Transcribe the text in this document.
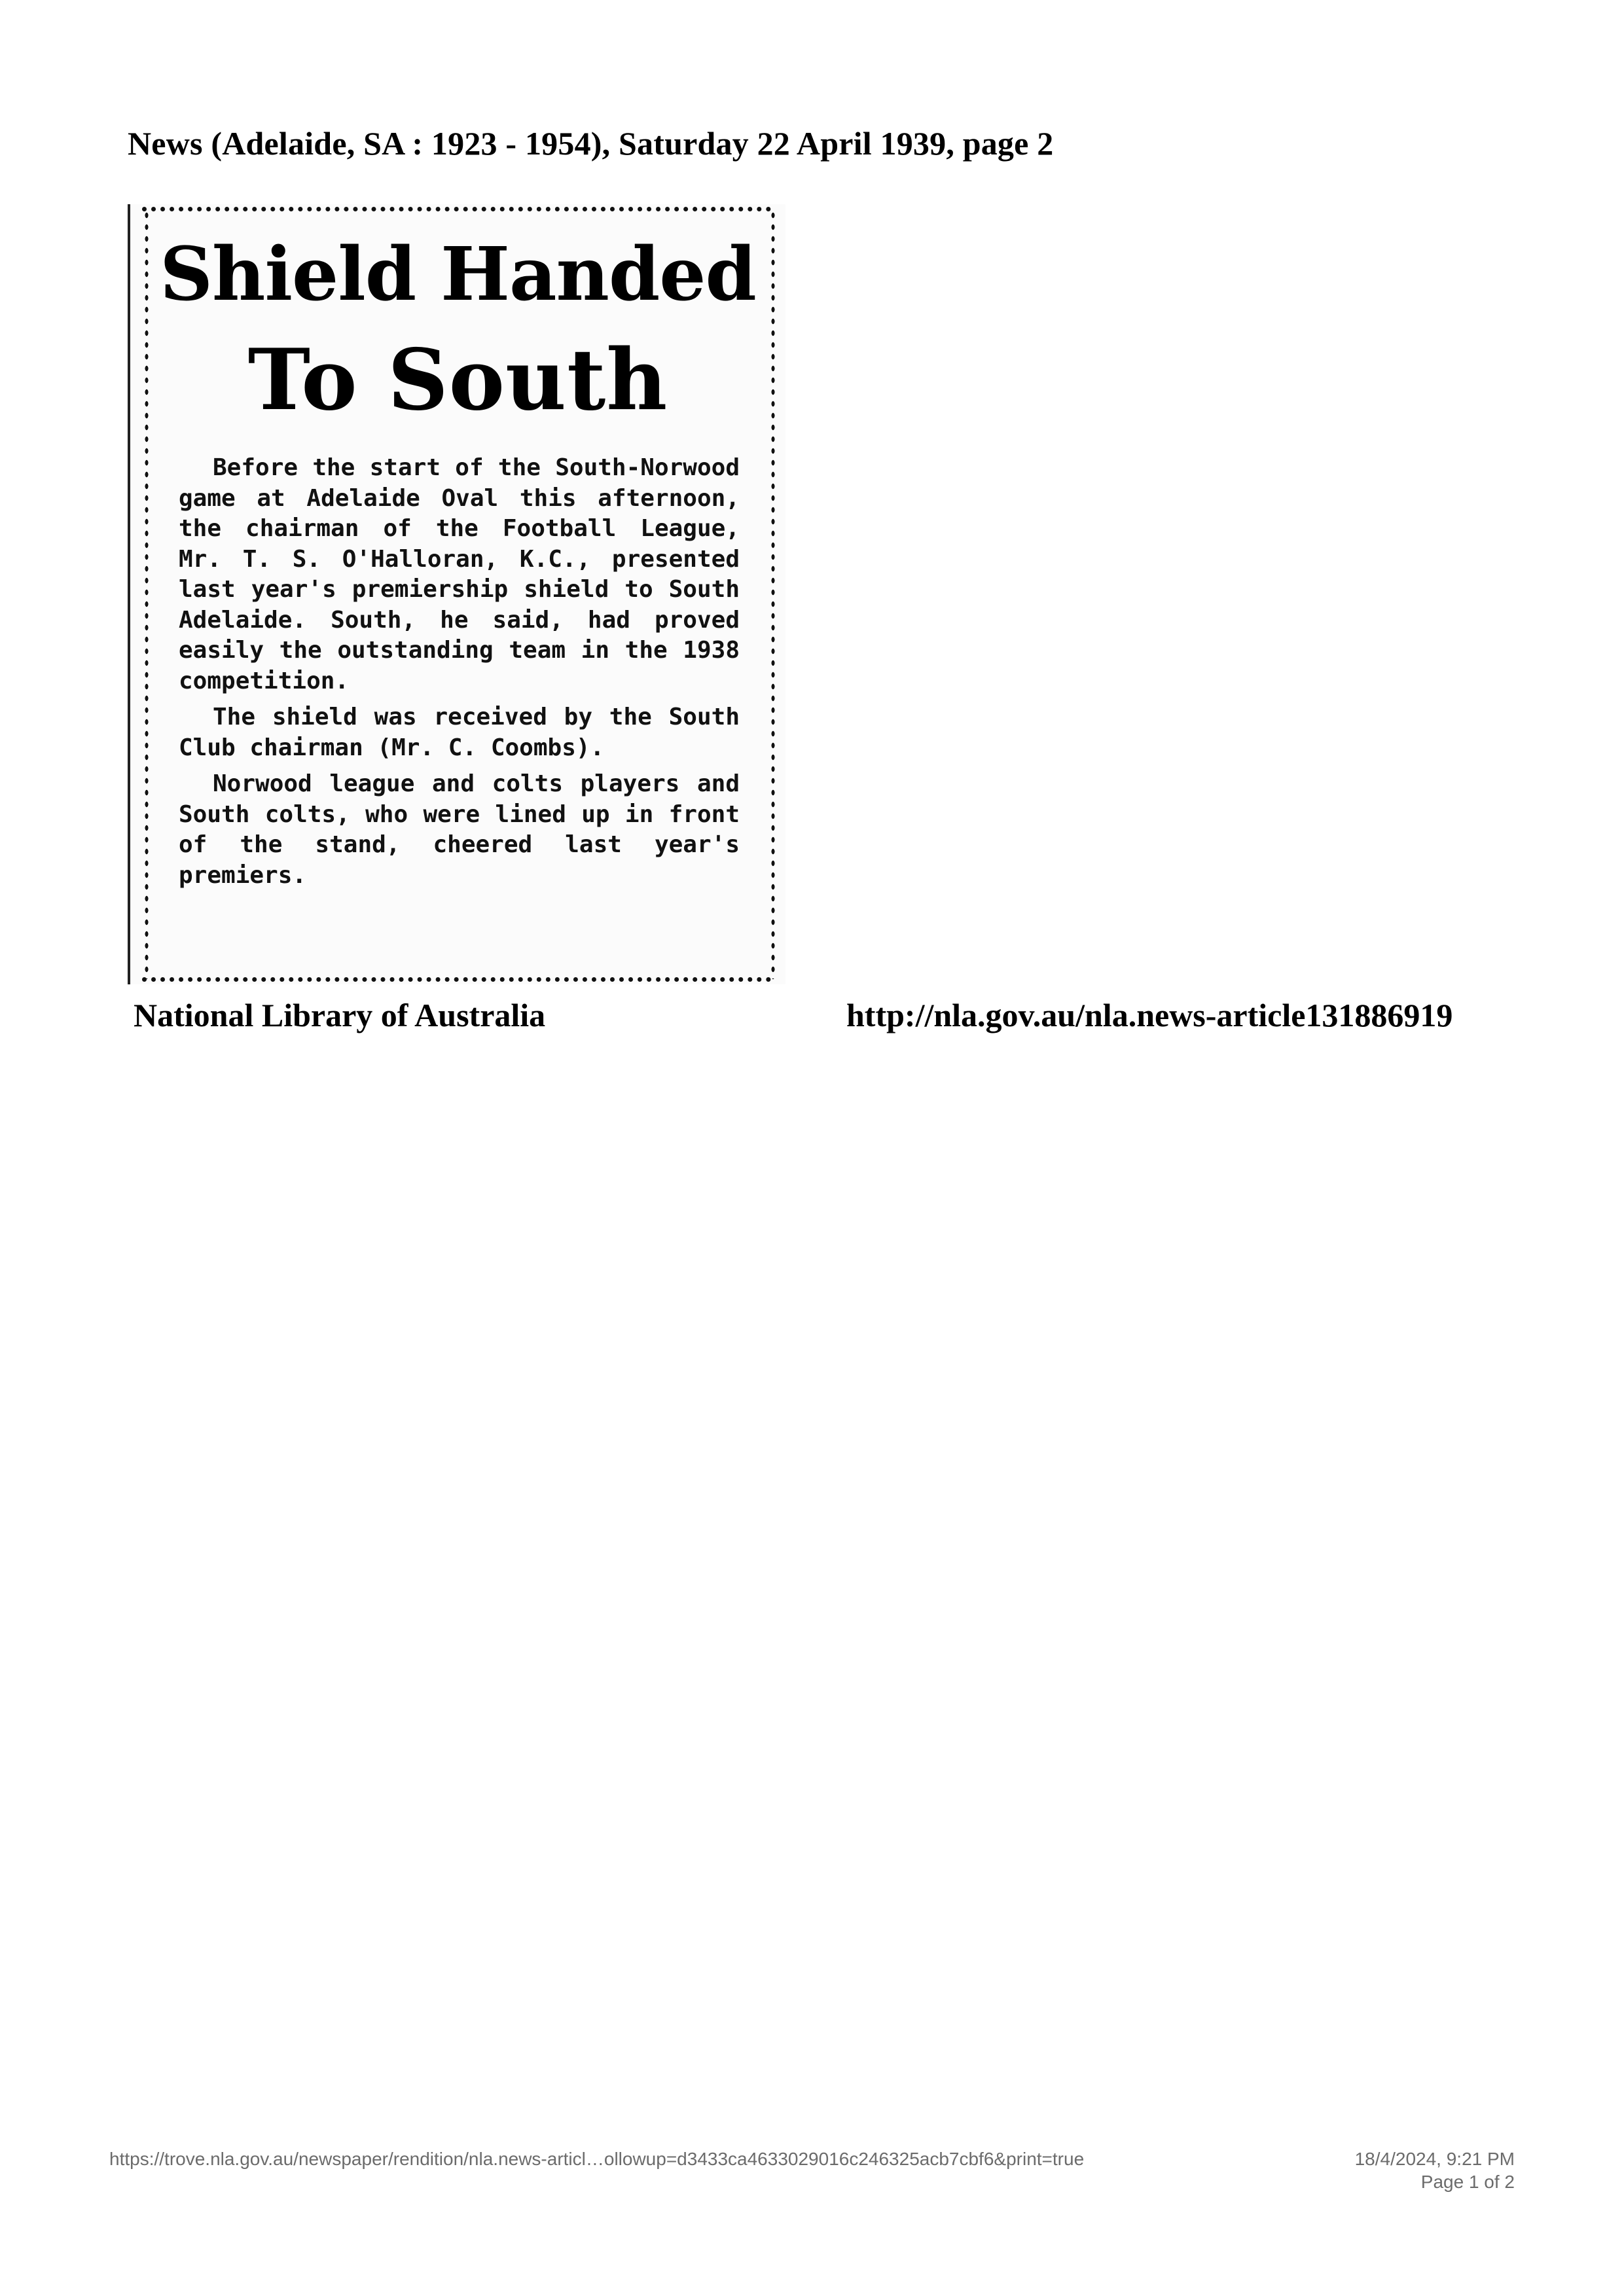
News (Adelaide, SA : 1923 - 1954), Saturday 22 April 1939, page 2
Shield Handed
To South

Before the start of the South-Norwood game at Adelaide Oval this afternoon, the chairman of the Football League, Mr. T. S. O'Halloran, K.C., presented last year's premiership shield to South Adelaide. South, he said, had proved easily the outstanding team in the 1938 competition.

The shield was received by the South Club chairman (Mr. C. Coombs).

Norwood league and colts players and South colts, who were lined up in front of the stand, cheered last year's premiers.

National Library of Australia	http://nla.gov.au/nla.news-article131886919
https://trove.nla.gov.au/newspaper/rendition/nla.news-articl…ollowup=d3433ca4633029016c246325acb7cbf6&print=true	18/4/2024, 9:21 PM
Page 1 of 2
